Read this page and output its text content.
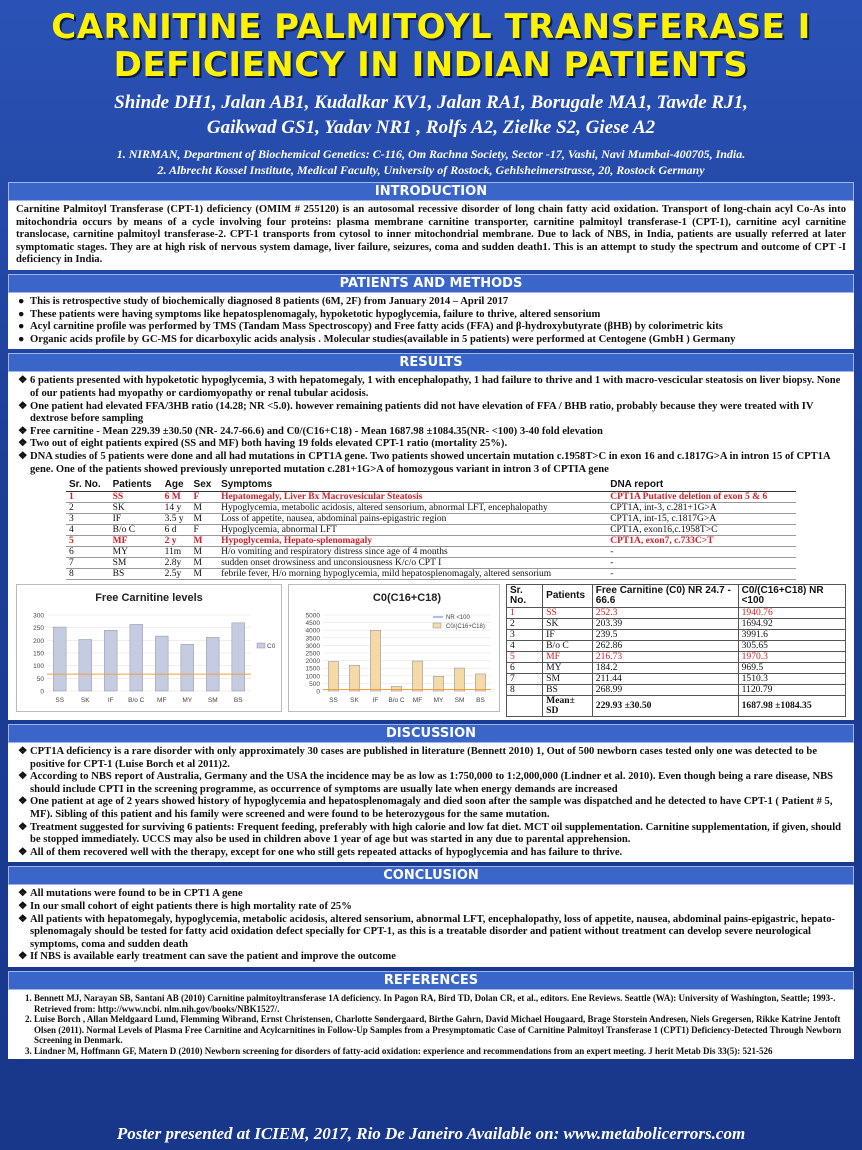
CARNITINE PALMITOYL TRANSFERASE I
DEFICIENCY IN INDIAN PATIENTS
Shinde DH1, Jalan AB1, Kudalkar KV1, Jalan RA1, Borugale MA1, Tawde RJ1,
Gaikwad GS1, Yadav NR1 , Rolfs A2, Zielke S2, Giese A2
1. NIRMAN, Department of Biochemical Genetics: C-116, Om Rachna Society, Sector -17, Vashi, Navi Mumbai-400705, India.
2. Albrecht Kossel Institute, Medical Faculty, University of Rostock, Gehlsheimerstrasse, 20, Rostock Germany
INTRODUCTION
Carnitine Palmitoyl Transferase (CPT-1) deficiency (OMIM # 255120) is an autosomal recessive disorder of long chain fatty acid oxidation. Transport of long-chain acyl Co-As into mitochondria occurs by means of a cycle involving four proteins: plasma membrane carnitine transporter, carnitine palmitoyl transferase-1 (CPT-1), carnitine acyl carnitine translocase, carnitine palmitoyl transferase-2. CPT-1 transports from cytosol to inner mitochondrial membrane. Due to lack of NBS, in India, patients are usually referred at later symptomatic stages. They are at high risk of nervous system damage, liver failure, seizures, coma and sudden death1. This is an attempt to study the spectrum and outcome of CPT -I deficiency in India.
PATIENTS AND METHODS
● This is retrospective study of biochemically diagnosed 8 patients (6M, 2F) from January 2014 – April 2017
● These patients were having symptoms like hepatosplenomagaly, hypoketotic hypoglycemia, failure to thrive, altered sensorium
● Acyl carnitine profile was performed by TMS (Tandam Mass Spectroscopy) and Free fatty acids (FFA) and β-hydroxybutyrate (βHB) by colorimetric kits
● Organic acids profile by GC-MS for dicarboxylic acids analysis . Molecular studies(available in 5 patients) were performed at Centogene (GmbH ) Germany
RESULTS
❖ 6 patients presented with hypoketotic hypoglycemia, 3 with hepatomegaly, 1 with encephalopathy, 1 had failure to thrive and 1 with macro-vescicular steatosis on liver biopsy. None of our patients had myopathy or cardiomyopathy or renal tubular acidosis.
❖ One patient had elevated FFA/3HB ratio (14.28; NR <5.0). however remaining patients did not have elevation of FFA / BHB ratio, probably because they were treated with IV dextrose before sampling
❖ Free carnitine - Mean 229.39 ±30.50 (NR- 24.7-66.6) and C0/(C16+C18) - Mean 1687.98 ±1084.35(NR- <100) 3-40 fold elevation
❖ Two out of eight patients expired (SS and MF) both having 19 folds elevated CPT-1 ratio (mortality 25%).
❖ DNA studies of 5 patients were done and all had mutations in CPT1A gene. Two patients showed uncertain mutation c.1958T>C in exon 16 and c.1817G>A in intron 15 of CPT1A gene. One of the patients showed previously unreported mutation c.281+1G>A of homozygous variant in intron 3 of CPTIA gene
Sr. No.	Patients	Age	Sex	Symptoms	DNA report
1	SS	6 M	F	Hepatomegaly, Liver Bx Macrovesicular Steatosis	CPT1A Putative deletion of exon 5 & 6
2	SK	14 y	M	Hypoglycemia, metabolic acidosis, altered sensorium, abnormal LFT, encephalopathy	CPT1A, int-3, c.281+1G>A
3	IF	3.5 y	M	Loss of appetite, nausea, abdominal pains-epigastric region	CPT1A, int-15, c.1817G>A
4	B/o C	6 d	F	Hypoglycemia, abnormal LFT	CPT1A, exon16,c.1958T>C
5	MF	2 y	M	Hypoglycemia, Hepato-splenomagaly	CPT1A, exon7, c.733C>T
6	MY	11m	M	H/o vomiting and respiratory distress since age of 4 months	-
7	SM	2.8y	M	sudden onset drowsiness and unconsiousness K/c/o CPT I	-
8	BS	2.5y	M	febrile fever, H/o morning hypoglycemia, mild hepatosplenomagaly, altered sensorium	-
Free Carnitine levels
0
50
100
150
200
250
300
SS	SK	IF B/o C MF MY SM	BS
C0
C0(C16+C18)
0
500
1000
1500
2000
2500
3000
3500
4000
4500
5000
SS SK IF B/o C MF MY SM BS
NR <100
C0/(C16+C18)
Sr. No.	Patients	Free Carnitine (C0) NR 24.7 - 66.6	C0/(C16+C18) NR <100
1	SS	252.3	1940.76
2	SK	203.39	1694.92
3	IF	239.5	3991.6
4	B/o C	262.86	305.65
5	MF	216.73	1970.3
6	MY	184.2	969.5
7	SM	211.44	1510.3
8	BS	268.99	1120.79
	Mean± SD	229.93 ±30.50	1687.98 ±1084.35
DISCUSSION
❖ CPT1A deficiency is a rare disorder with only approximately 30 cases are published in literature (Bennett 2010) 1, Out of 500 newborn cases tested only one was detected to be positive for CPT-1 (Luise Borch et al 2011)2.
❖ According to NBS report of Australia, Germany and the USA the incidence may be as low as 1:750,000 to 1:2,000,000 (Lindner et al. 2010). Even though being a rare disease, NBS should include CPTI in the screening programme, as occurrence of symptoms are usually late when energy demands are increased
❖ One patient at age of 2 years showed history of hypoglycemia and hepatosplenomagaly and died soon after the sample was dispatched and he detected to have CPT-1 ( Patient # 5, MF). Sibling of this patient and his family were screened and were found to be heterozygous for the same mutation.
❖ Treatment suggested for surviving 6 patients: Frequent feeding, preferably with high calorie and low fat diet. MCT oil supplementation. Carnitine supplementation, if given, should be stopped immediately. UCCS may also be used in children above 1 year of age but was started in any due to parental apprehension.
❖ All of them recovered well with the therapy, except for one who still gets repeated attacks of hypoglycemia and has failure to thrive.
CONCLUSION
❖ All mutations were found to be in CPT1 A gene
❖ In our small cohort of eight patients there is high mortality rate of 25%
❖ All patients with hepatomegaly, hypoglycemia, metabolic acidosis, altered sensorium, abnormal LFT, encephalopathy, loss of appetite, nausea, abdominal pains-epigastric, hepato-splenomagaly should be tested for fatty acid oxidation defect specially for CPT-1, as this is a treatable disorder and patient without treatment can develop severe neurological symptoms, coma and sudden death
❖ If NBS is available early treatment can save the patient and improve the outcome
REFERENCES
1. Bennett MJ, Narayan SB, Santani AB (2010) Carnitine palmitoyltransferase 1A deficiency. In Pagon RA, Bird TD, Dolan CR, et al., editors. Ene Reviews. Seattle (WA): University of Washington, Seattle; 1993-. Retrieved from: http://www.ncbi. nlm.nih.gov/books/NBK1527/.
2. Luise Borch , Allan Meldgaard Lund, Flemming Wibrand, Ernst Christensen, Charlotte Søndergaard, Birthe Gahrn, David Michael Hougaard, Brage Storstein Andresen, Niels Gregersen, Rikke Katrine Jentoft Olsen (2011). Normal Levels of Plasma Free Carnitine and Acylcarnitines in Follow-Up Samples from a Presymptomatic Case of Carnitine Palmitoyl Transferase 1 (CPT1) Deficiency-Detected Through Newborn Screening in Denmark.
3. Lindner M, Hoffmann GF, Matern D (2010) Newborn screening for disorders of fatty-acid oxidation: experience and recommendations from an expert meeting. J herit Metab Dis 33(5): 521-526
Poster presented at ICIEM, 2017, Rio De Janeiro Available on: www.metabolicerrors.com
